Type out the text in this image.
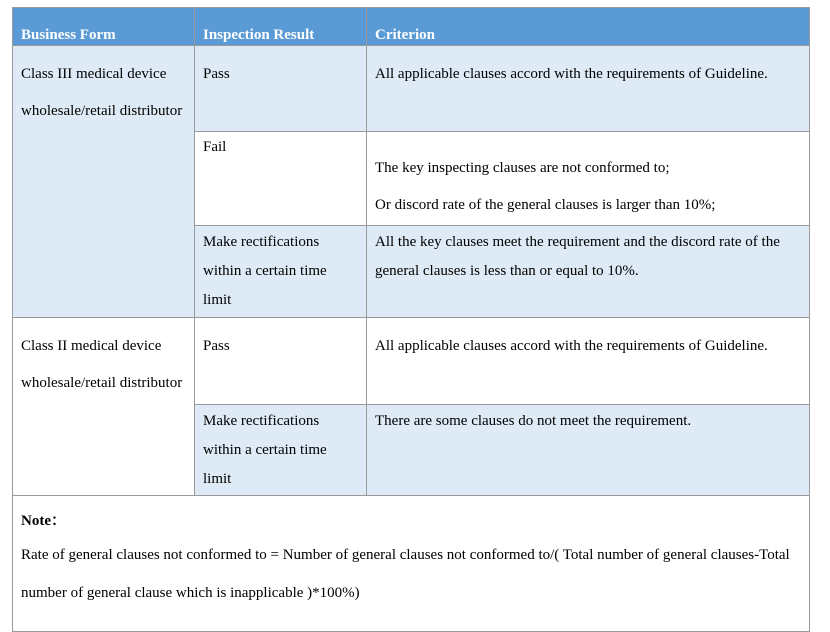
Business Form	Inspection Result	Criterion
Class III medical device wholesale/retail distributor	Pass	All applicable clauses accord with the requirements of Guideline.
	Fail	The key inspecting clauses are not conformed to;

Or discord rate of the general clauses is larger than 10%;

	Make rectifications within a certain time limit	All the key clauses meet the requirement and the discord rate of the general clauses is less than or equal to 10%.
Class II medical device wholesale/retail distributor	Pass	All applicable clauses accord with the requirements of Guideline.
	Make rectifications within a certain time limit	There are some clauses do not meet the requirement.

Note：

Rate of general clauses not conformed to = Number of general clauses not conformed to/( Total number of general clauses-Total number of general clause which is inapplicable )*100%)		
